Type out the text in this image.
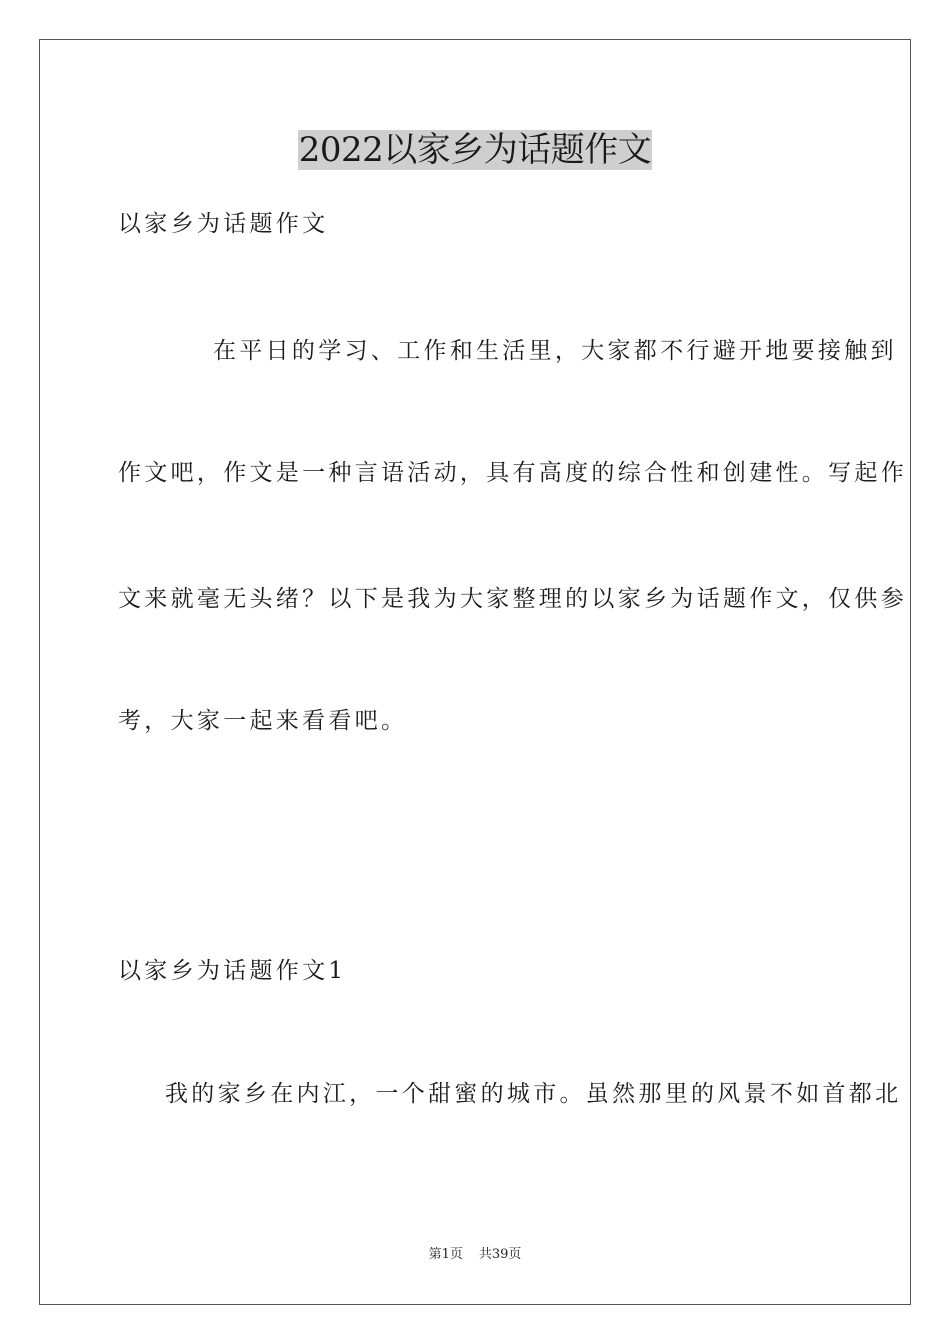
2022以家乡为话题作文
以家乡为话题作文
在平日的学习、工作和生活里，大家都不行避开地要接触到
作文吧，作文是一种言语活动，具有高度的综合性和创建性。写起作
文来就毫无头绪？以下是我为大家整理的以家乡为话题作文，仅供参
考，大家一起来看看吧。
以家乡为话题作文1
我的家乡在内江，一个甜蜜的城市。虽然那里的风景不如首都北
第1页 共39页
